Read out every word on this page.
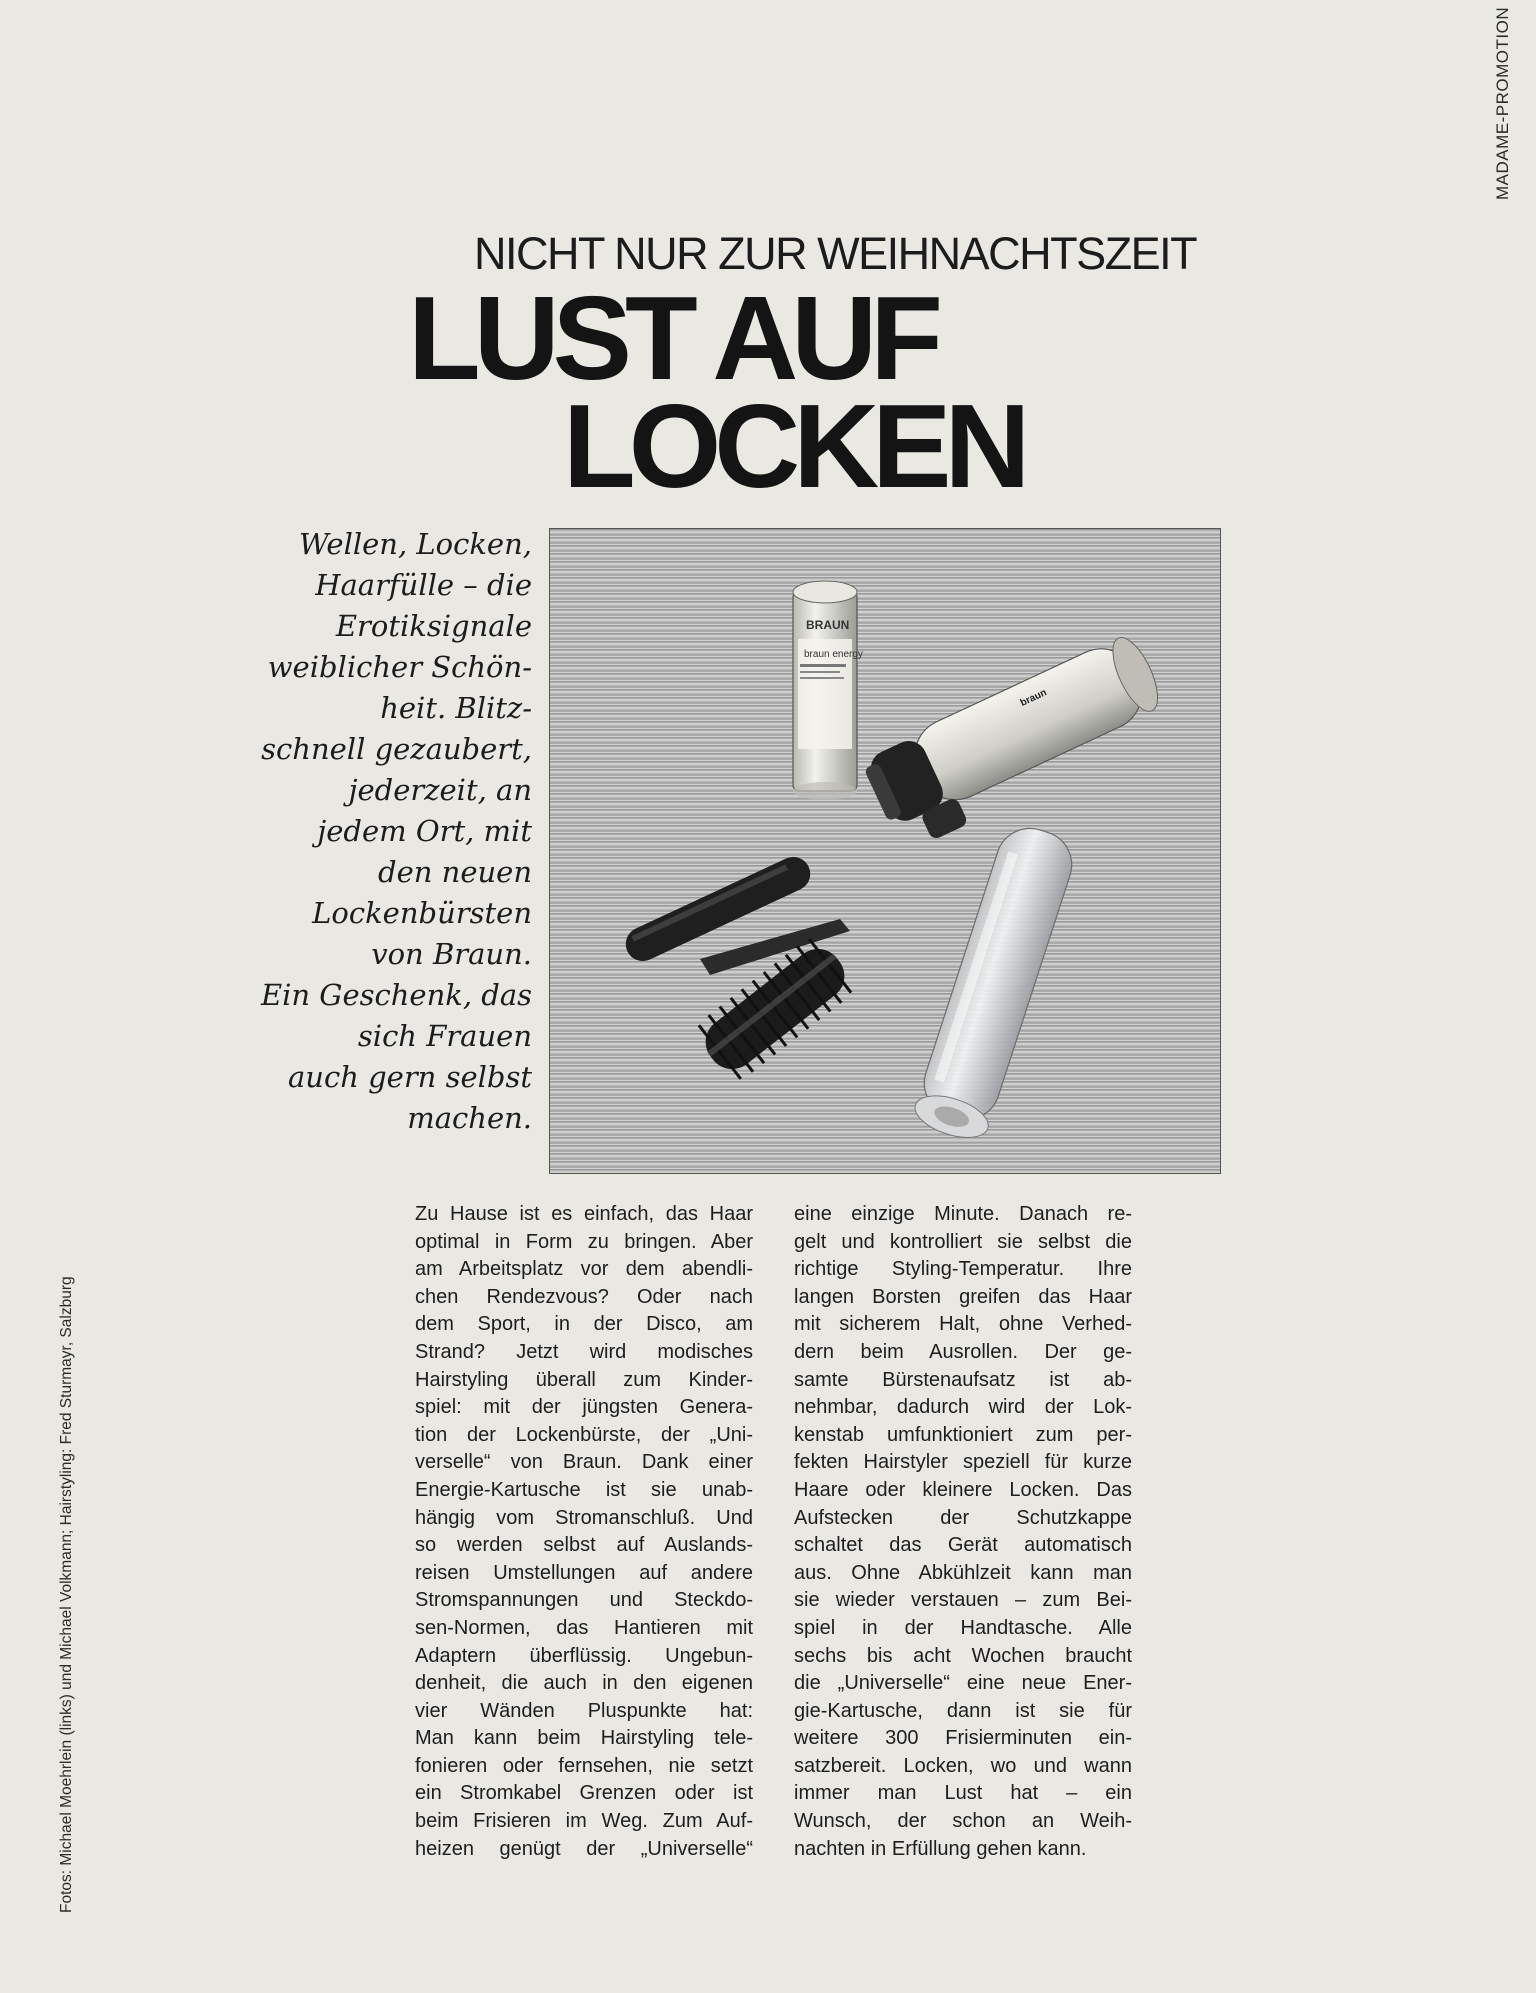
MADAME-PROMOTION
Fotos: Michael Moehrlein (links) und Michael Volkmann; Hairstyling: Fred Sturmayr, Salzburg
NICHT NUR ZUR WEIHNACHTSZEIT
LUST AUF
LOCKEN
Wellen, Locken,
Haarfülle – die
Erotiksignale
weiblicher Schön-
heit. Blitz-
schnell gezaubert,
jederzeit, an
jedem Ort, mit
den neuen
Lockenbürsten
von Braun.
Ein Geschenk, das
sich Frauen
auch gern selbst
machen.
BRAUN
braun energy
braun
Zu Hause ist es einfach, das Haar
optimal in Form zu bringen. Aber
am Arbeitsplatz vor dem abendli-
chen Rendezvous? Oder nach
dem Sport, in der Disco, am
Strand? Jetzt wird modisches
Hairstyling überall zum Kinder-
spiel: mit der jüngsten Genera-
tion der Lockenbürste, der „Uni-
verselle“ von Braun. Dank einer
Energie-Kartusche ist sie unab-
hängig vom Stromanschluß. Und
so werden selbst auf Auslands-
reisen Umstellungen auf andere
Stromspannungen und Steckdo-
sen-Normen, das Hantieren mit
Adaptern überflüssig. Ungebun-
denheit, die auch in den eigenen
vier Wänden Pluspunkte hat:
Man kann beim Hairstyling tele-
fonieren oder fernsehen, nie setzt
ein Stromkabel Grenzen oder ist
beim Frisieren im Weg. Zum Auf-
heizen genügt der „Universelle“
eine einzige Minute. Danach re-
gelt und kontrolliert sie selbst die
richtige Styling-Temperatur. Ihre
langen Borsten greifen das Haar
mit sicherem Halt, ohne Verhed-
dern beim Ausrollen. Der ge-
samte Bürstenaufsatz ist ab-
nehmbar, dadurch wird der Lok-
kenstab umfunktioniert zum per-
fekten Hairstyler speziell für kurze
Haare oder kleinere Locken. Das
Aufstecken der Schutzkappe
schaltet das Gerät automatisch
aus. Ohne Abkühlzeit kann man
sie wieder verstauen – zum Bei-
spiel in der Handtasche. Alle
sechs bis acht Wochen braucht
die „Universelle“ eine neue Ener-
gie-Kartusche, dann ist sie für
weitere 300 Frisierminuten ein-
satzbereit. Locken, wo und wann
immer man Lust hat – ein
Wunsch, der schon an Weih-
nachten in Erfüllung gehen kann.
